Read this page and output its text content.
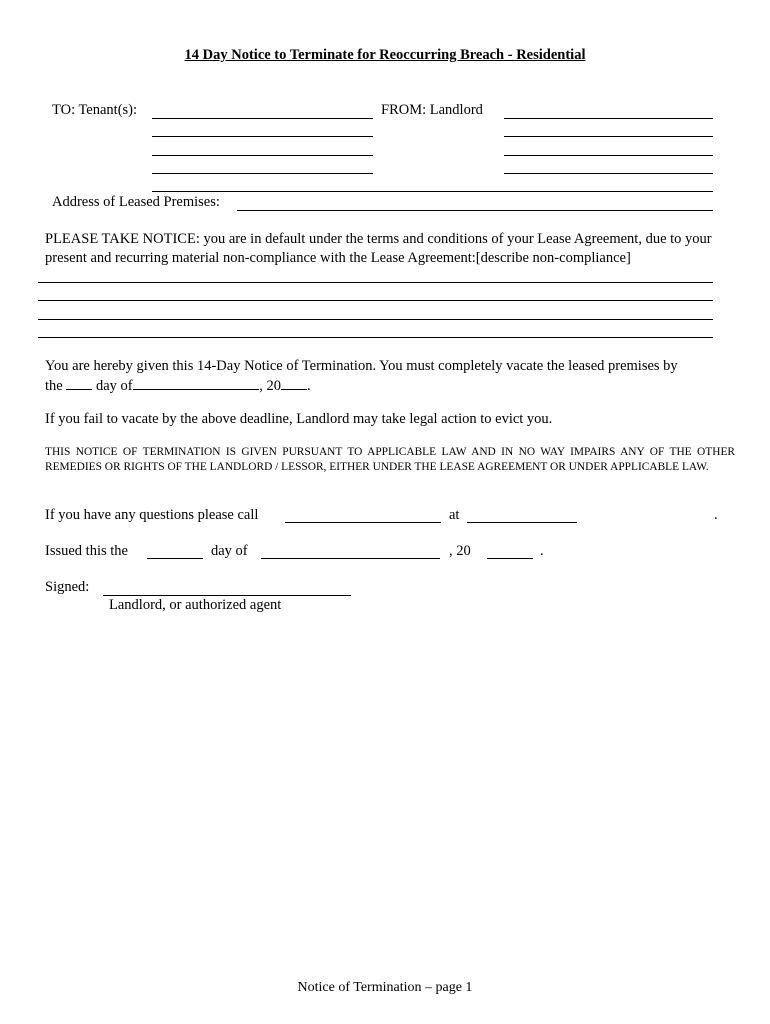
14 Day Notice to Terminate for Reoccurring Breach - Residential
TO: Tenant(s):	FROM: Landlord
Address of Leased Premises:
PLEASE TAKE NOTICE: you are in default under the terms and conditions of your Lease Agreement, due to your present and recurring material non-compliance with the Lease Agreement:[describe non-compliance]
You are hereby given this 14-Day Notice of Termination. You must completely vacate the leased premises by
the day of	, 20 .
If you fail to vacate by the above deadline, Landlord may take legal action to evict you.
THIS NOTICE OF TERMINATION IS GIVEN PURSUANT TO APPLICABLE LAW AND IN NO WAY IMPAIRS ANY OF THE OTHER REMEDIES OR RIGHTS OF THE LANDLORD / LESSOR, EITHER UNDER THE LEASE AGREEMENT OR UNDER APPLICABLE LAW.
If you have any questions please call	at	.
Issued this the	day of	, 20	.
Signed:
Landlord, or authorized agent
Notice of Termination – page 1
